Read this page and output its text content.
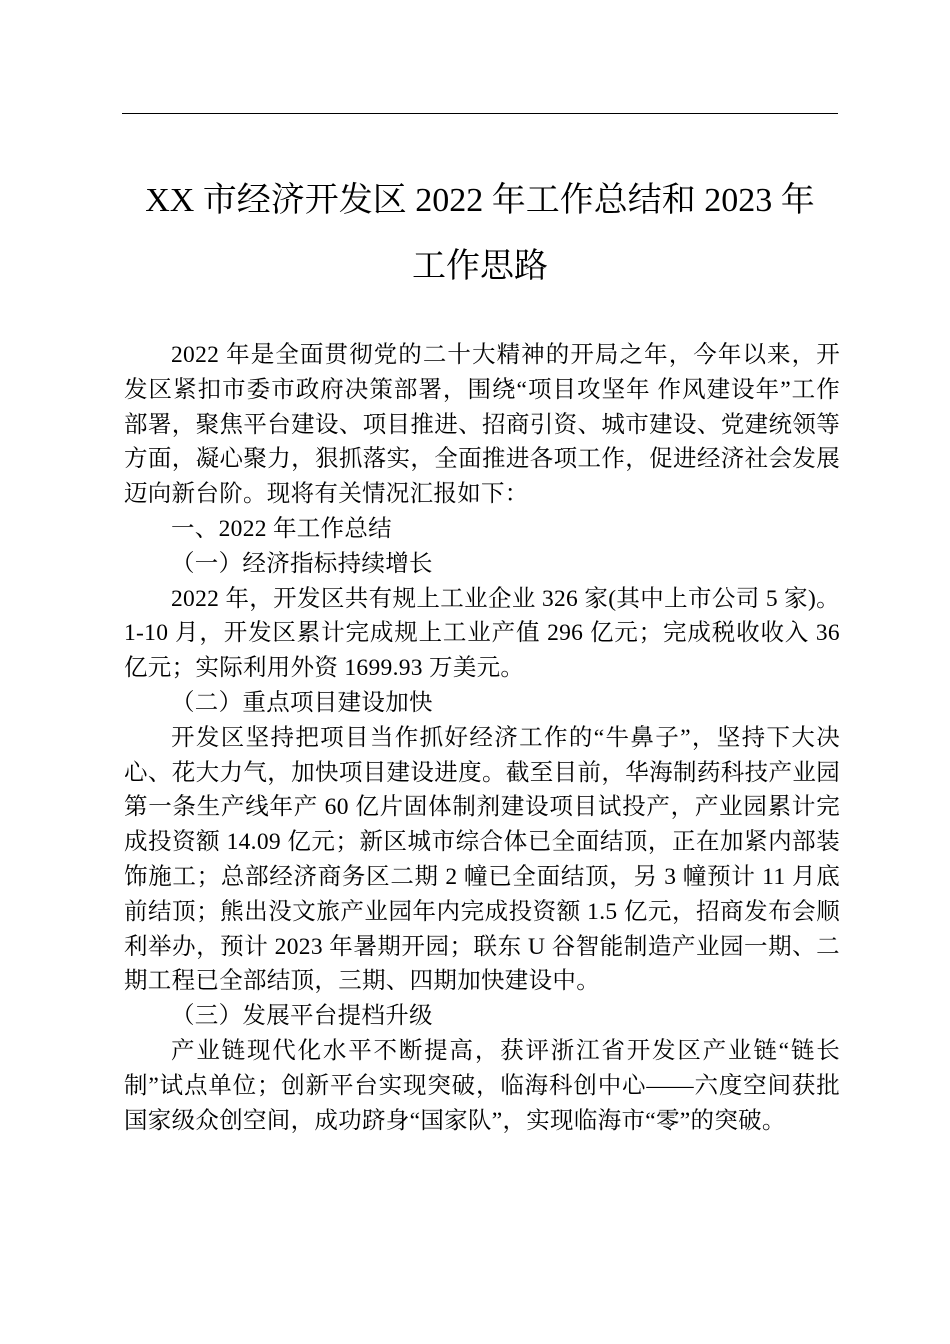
XX 市经济开发区 2022 年工作总结和 2023 年
工作思路

2022 年是全面贯彻党的二十大精神的开局之年，今年以来，开发区紧扣市委市政府决策部署，围绕“项目攻坚年 作风建设年”工作部署，聚焦平台建设、项目推进、招商引资、城市建设、党建统领等方面，凝心聚力，狠抓落实，全面推进各项工作，促进经济社会发展迈向新台阶。现将有关情况汇报如下：

一、2022 年工作总结
（一）经济指标持续增长

2022 年，开发区共有规上工业企业 326 家(其中上市公司 5 家)。1-10 月，开发区累计完成规上工业产值 296 亿元；完成税收收入 36 亿元；实际利用外资 1699.93 万美元。

（二）重点项目建设加快

开发区坚持把项目当作抓好经济工作的“牛鼻子”，坚持下大决心、花大力气，加快项目建设进度。截至目前，华海制药科技产业园第一条生产线年产 60 亿片固体制剂建设项目试投产，产业园累计完成投资额 14.09 亿元；新区城市综合体已全面结顶，正在加紧内部装饰施工；总部经济商务区二期 2 幢已全面结顶，另 3 幢预计 11 月底前结顶；熊出没文旅产业园年内完成投资额 1.5 亿元，招商发布会顺利举办，预计 2023 年暑期开园；联东 U 谷智能制造产业园一期、二期工程已全部结顶，三期、四期加快建设中。

（三）发展平台提档升级

产业链现代化水平不断提高，获评浙江省开发区产业链“链长制”试点单位；创新平台实现突破，临海科创中心——六度空间获批国家级众创空间，成功跻身“国家队”，实现临海市“零”的突破。
